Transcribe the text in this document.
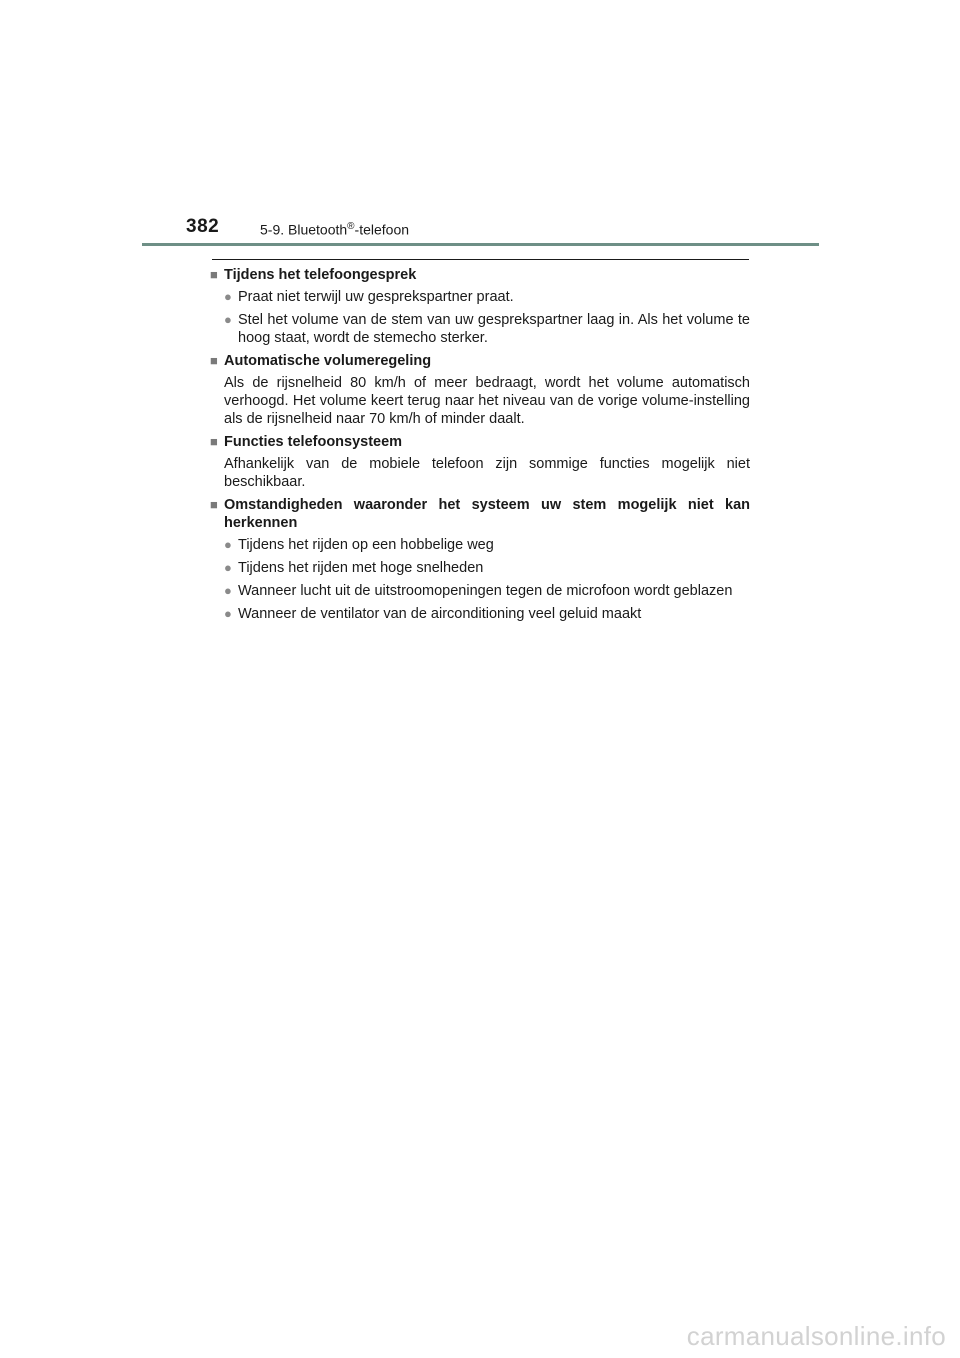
382	5-9. Bluetooth®-telefoon
■ Tijdens het telefoongesprek
● Praat niet terwijl uw gesprekspartner praat.
● Stel het volume van de stem van uw gesprekspartner laag in. Als het volume te hoog staat, wordt de stemecho sterker.
■ Automatische volumeregeling
Als de rijsnelheid 80 km/h of meer bedraagt, wordt het volume automatisch verhoogd. Het volume keert terug naar het niveau van de vorige volume-instelling als de rijsnelheid naar 70 km/h of minder daalt.
■ Functies telefoonsysteem
Afhankelijk van de mobiele telefoon zijn sommige functies mogelijk niet beschikbaar.
■ Omstandigheden waaronder het systeem uw stem mogelijk niet kan herkennen
● Tijdens het rijden op een hobbelige weg
● Tijdens het rijden met hoge snelheden
● Wanneer lucht uit de uitstroomopeningen tegen de microfoon wordt geblazen
● Wanneer de ventilator van de airconditioning veel geluid maakt
carmanualsonline.info
